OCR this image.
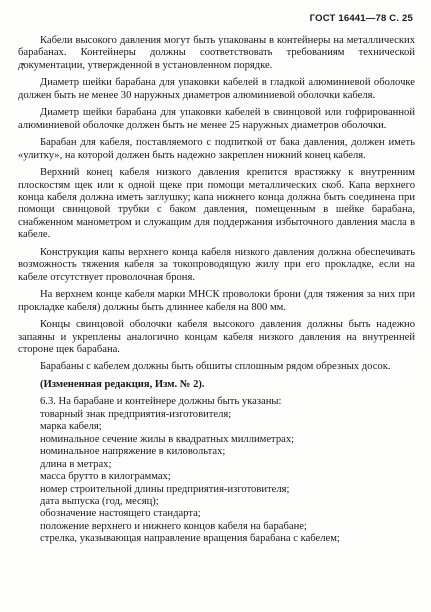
ГОСТ 16441—78 С. 25

Кабели высокого давления могут быть упакованы в контейнеры на металлических барабанах. Контейнеры должны соответствовать требованиям технической документации, утвержденной в установленном порядке.

Диаметр шейки барабана для упаковки кабелей в гладкой алюминиевой оболочке должен быть не менее 30 наружных диаметров алюминиевой оболочки кабеля.

Диаметр шейки барабана для упаковки кабелей в свинцовой или гофрированной алюминиевой оболочке должен быть не менее 25 наружных диаметров оболочки.

Барабан для кабеля, поставляемого с подпиткой от бака давления, должен иметь «улитку», на которой должен быть надежно закреплен нижний конец кабеля.

Верхний конец кабеля низкого давления крепится врастяжку к внутренним плоскостям щек или к одной щеке при помощи металлических скоб. Капа верхнего конца кабеля должна иметь заглушку; капа нижнего конца должна быть соединена при помощи свинцовой трубки с баком давления, помещенным в шейке барабана, снабженном манометром и служащим для поддержания избыточного давления масла в кабеле.

Конструкция капы верхнего конца кабеля низкого давления должна обеспечивать возможность тяжения кабеля за токопроводящую жилу при его прокладке, если на кабеле отсутствует проволочная броня.

На верхнем конце кабеля марки МНСК проволоки брони (для тяжения за них при прокладке кабеля) должны быть длиннее кабеля на 800 мм.

Концы свинцовой оболочки кабеля высокого давления должны быть надежно запаяны и укреплены аналогично концам кабеля низкого давления на внутренней стороне щек барабана.

Барабаны с кабелем должны быть обшиты сплошным рядом обрезных досок.

(Измененная редакция, Изм. № 2).

6.3. На барабане и контейнере должны быть указаны:

товарный знак предприятия-изготовителя;
марка кабеля;
номинальное сечение жилы в квадратных миллиметрах;
номинальное напряжение в киловольтах;
длина в метрах;
масса брутто в килограммах;
номер строительной длины предприятия-изготовителя;
дата выпуска (год, месяц);
обозначение настоящего стандарта;
положение верхнего и нижнего концов кабеля на барабане;
стрелка, указывающая направление вращения барабана с кабелем;
